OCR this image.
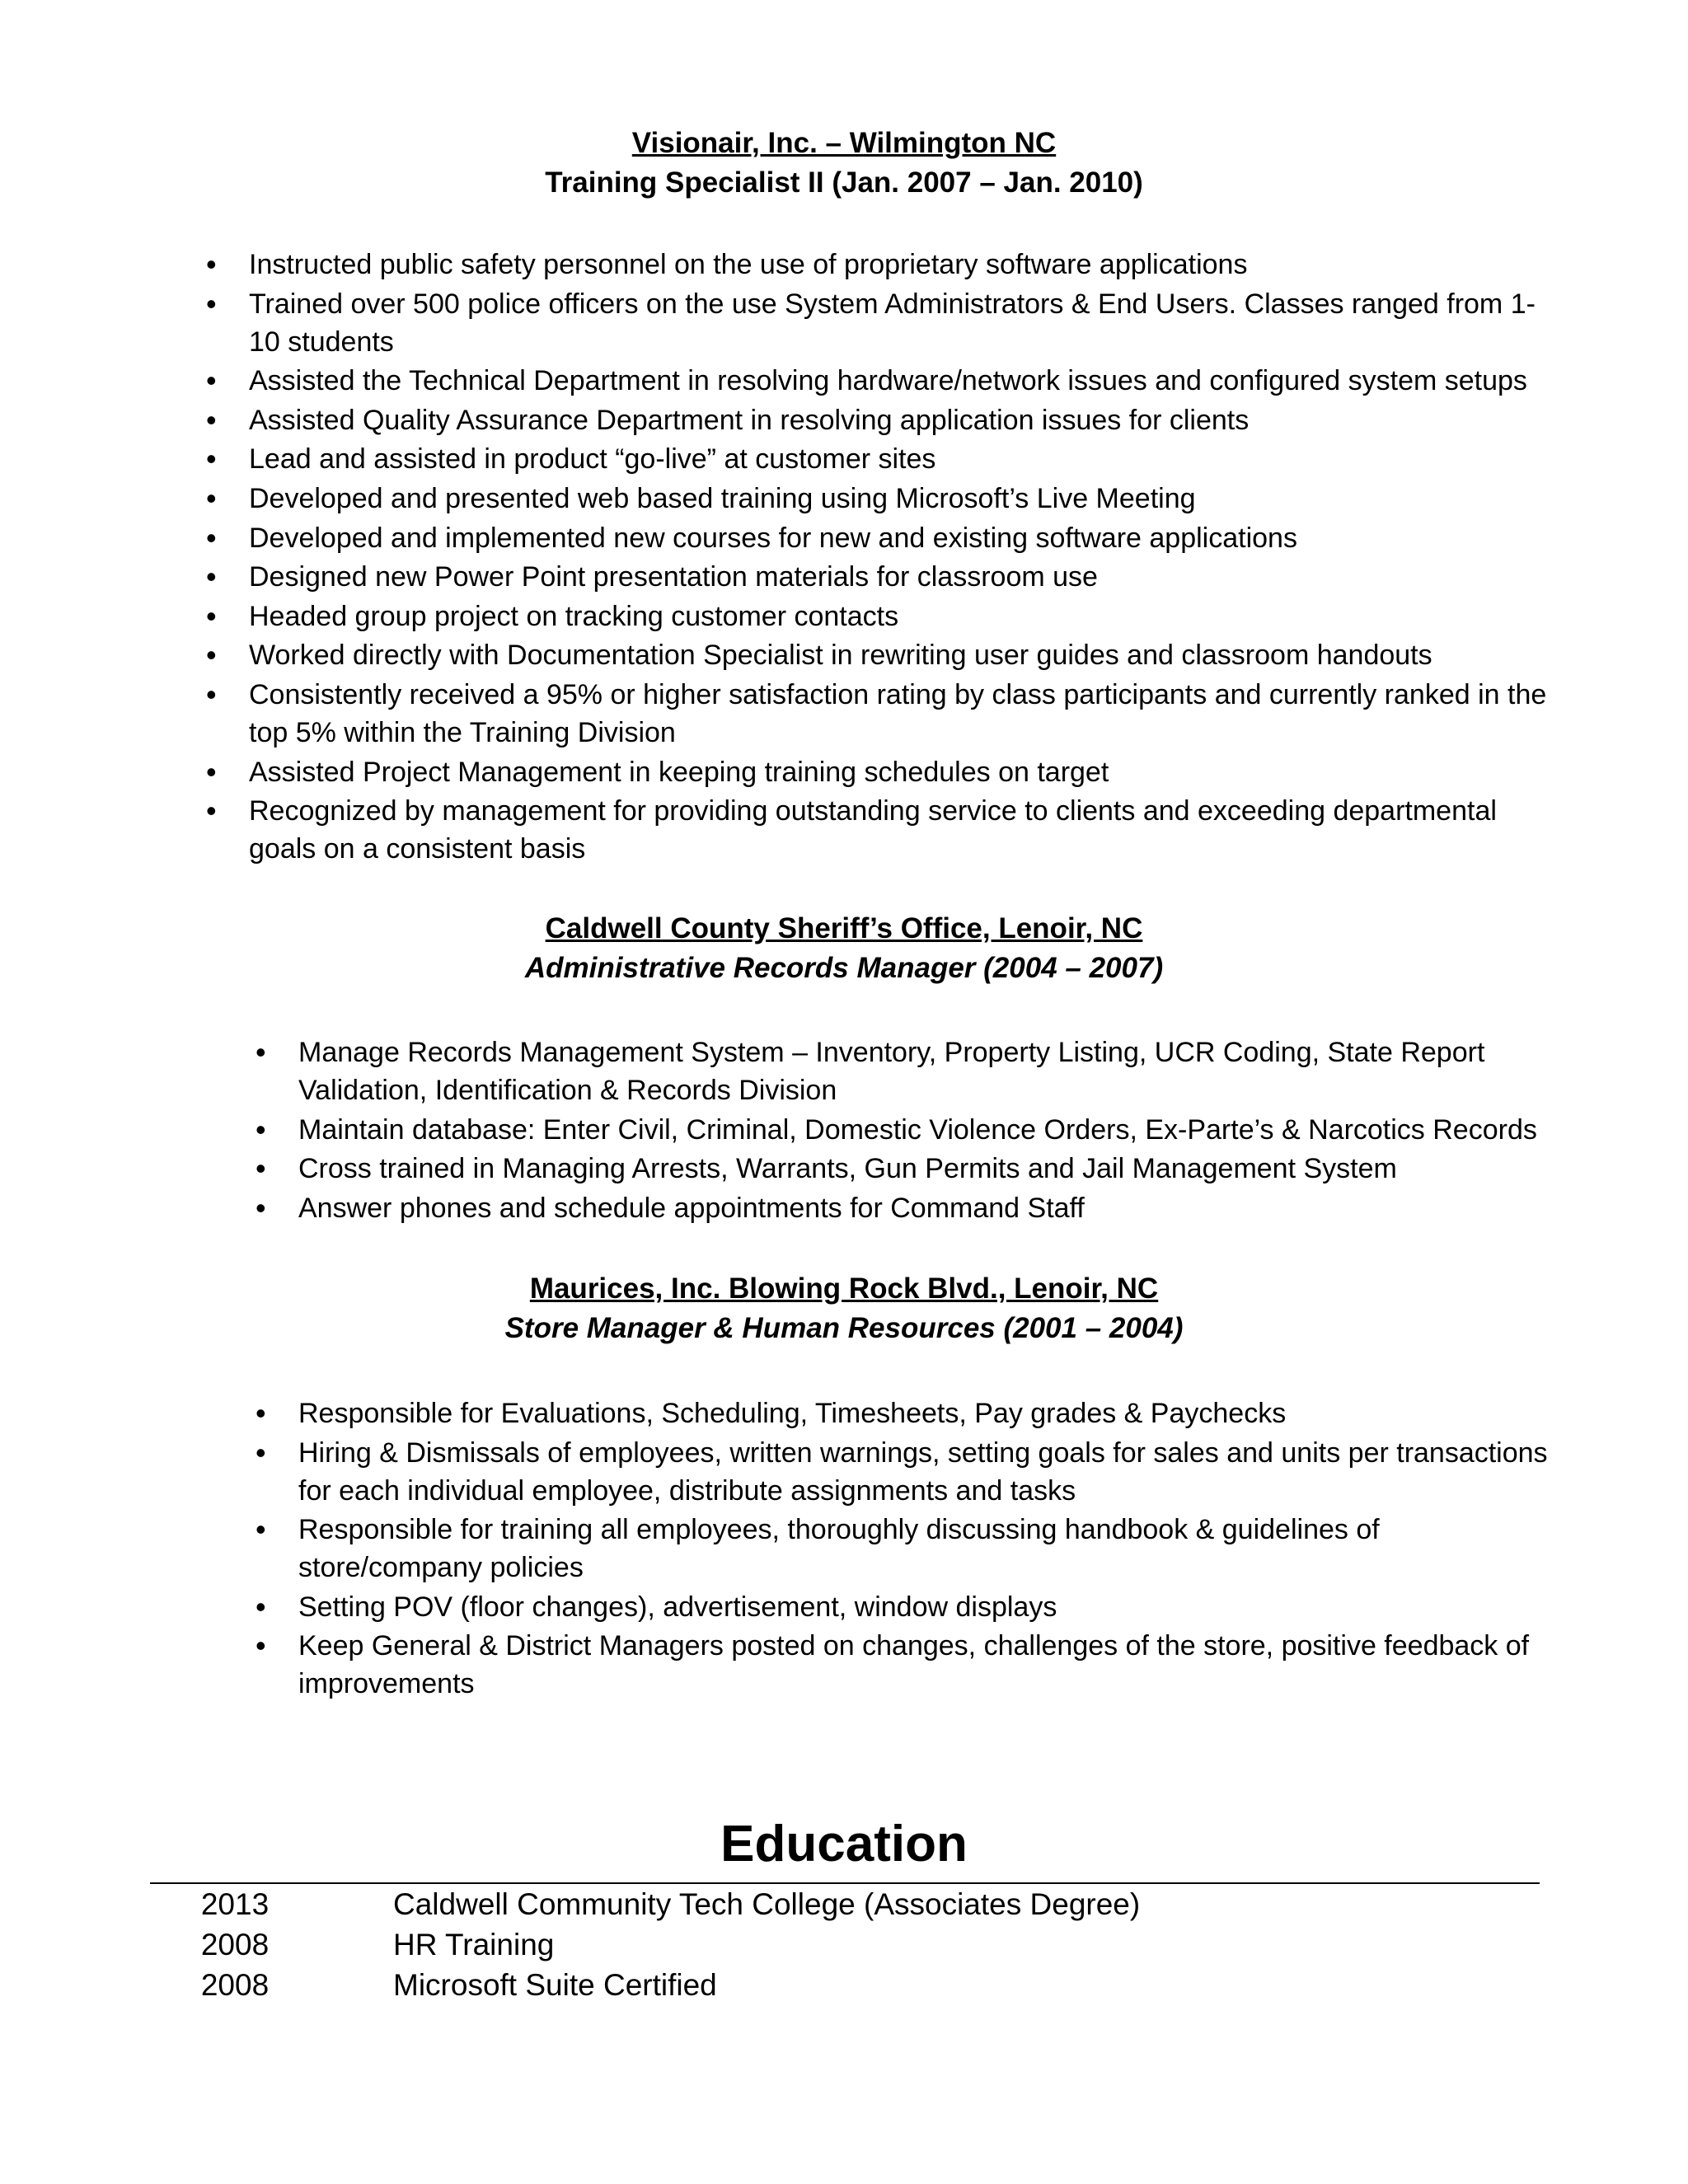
Visionair, Inc. – Wilmington NC
Training Specialist II (Jan. 2007 – Jan. 2010)
• Instructed public safety personnel on the use of proprietary software applications
• Trained over 500 police officers on the use System Administrators & End Users. Classes ranged from 1-10 students
• Assisted the Technical Department in resolving hardware/network issues and configured system setups
• Assisted Quality Assurance Department in resolving application issues for clients
• Lead and assisted in product “go-live” at customer sites
• Developed and presented web based training using Microsoft’s Live Meeting
• Developed and implemented new courses for new and existing software applications
• Designed new Power Point presentation materials for classroom use
• Headed group project on tracking customer contacts
• Worked directly with Documentation Specialist in rewriting user guides and classroom handouts
• Consistently received a 95% or higher satisfaction rating by class participants and currently ranked in the top 5% within the Training Division
• Assisted Project Management in keeping training schedules on target
• Recognized by management for providing outstanding service to clients and exceeding departmental goals on a consistent basis
Caldwell County Sheriff’s Office, Lenoir, NC
Administrative Records Manager (2004 – 2007)
• Manage Records Management System – Inventory, Property Listing, UCR Coding, State Report Validation, Identification & Records Division
• Maintain database: Enter Civil, Criminal, Domestic Violence Orders, Ex-Parte’s & Narcotics Records
• Cross trained in Managing Arrests, Warrants, Gun Permits and Jail Management System
• Answer phones and schedule appointments for Command Staff
Maurices, Inc. Blowing Rock Blvd., Lenoir, NC
Store Manager & Human Resources (2001 – 2004)
• Responsible for Evaluations, Scheduling, Timesheets, Pay grades & Paychecks
• Hiring & Dismissals of employees, written warnings, setting goals for sales and units per transactions for each individual employee, distribute assignments and tasks
• Responsible for training all employees, thoroughly discussing handbook & guidelines of store/company policies
• Setting POV (floor changes), advertisement, window displays
• Keep General & District Managers posted on changes, challenges of the store, positive feedback of improvements
Education
2013	Caldwell Community Tech College (Associates Degree)
2008	HR Training
2008	Microsoft Suite Certified
